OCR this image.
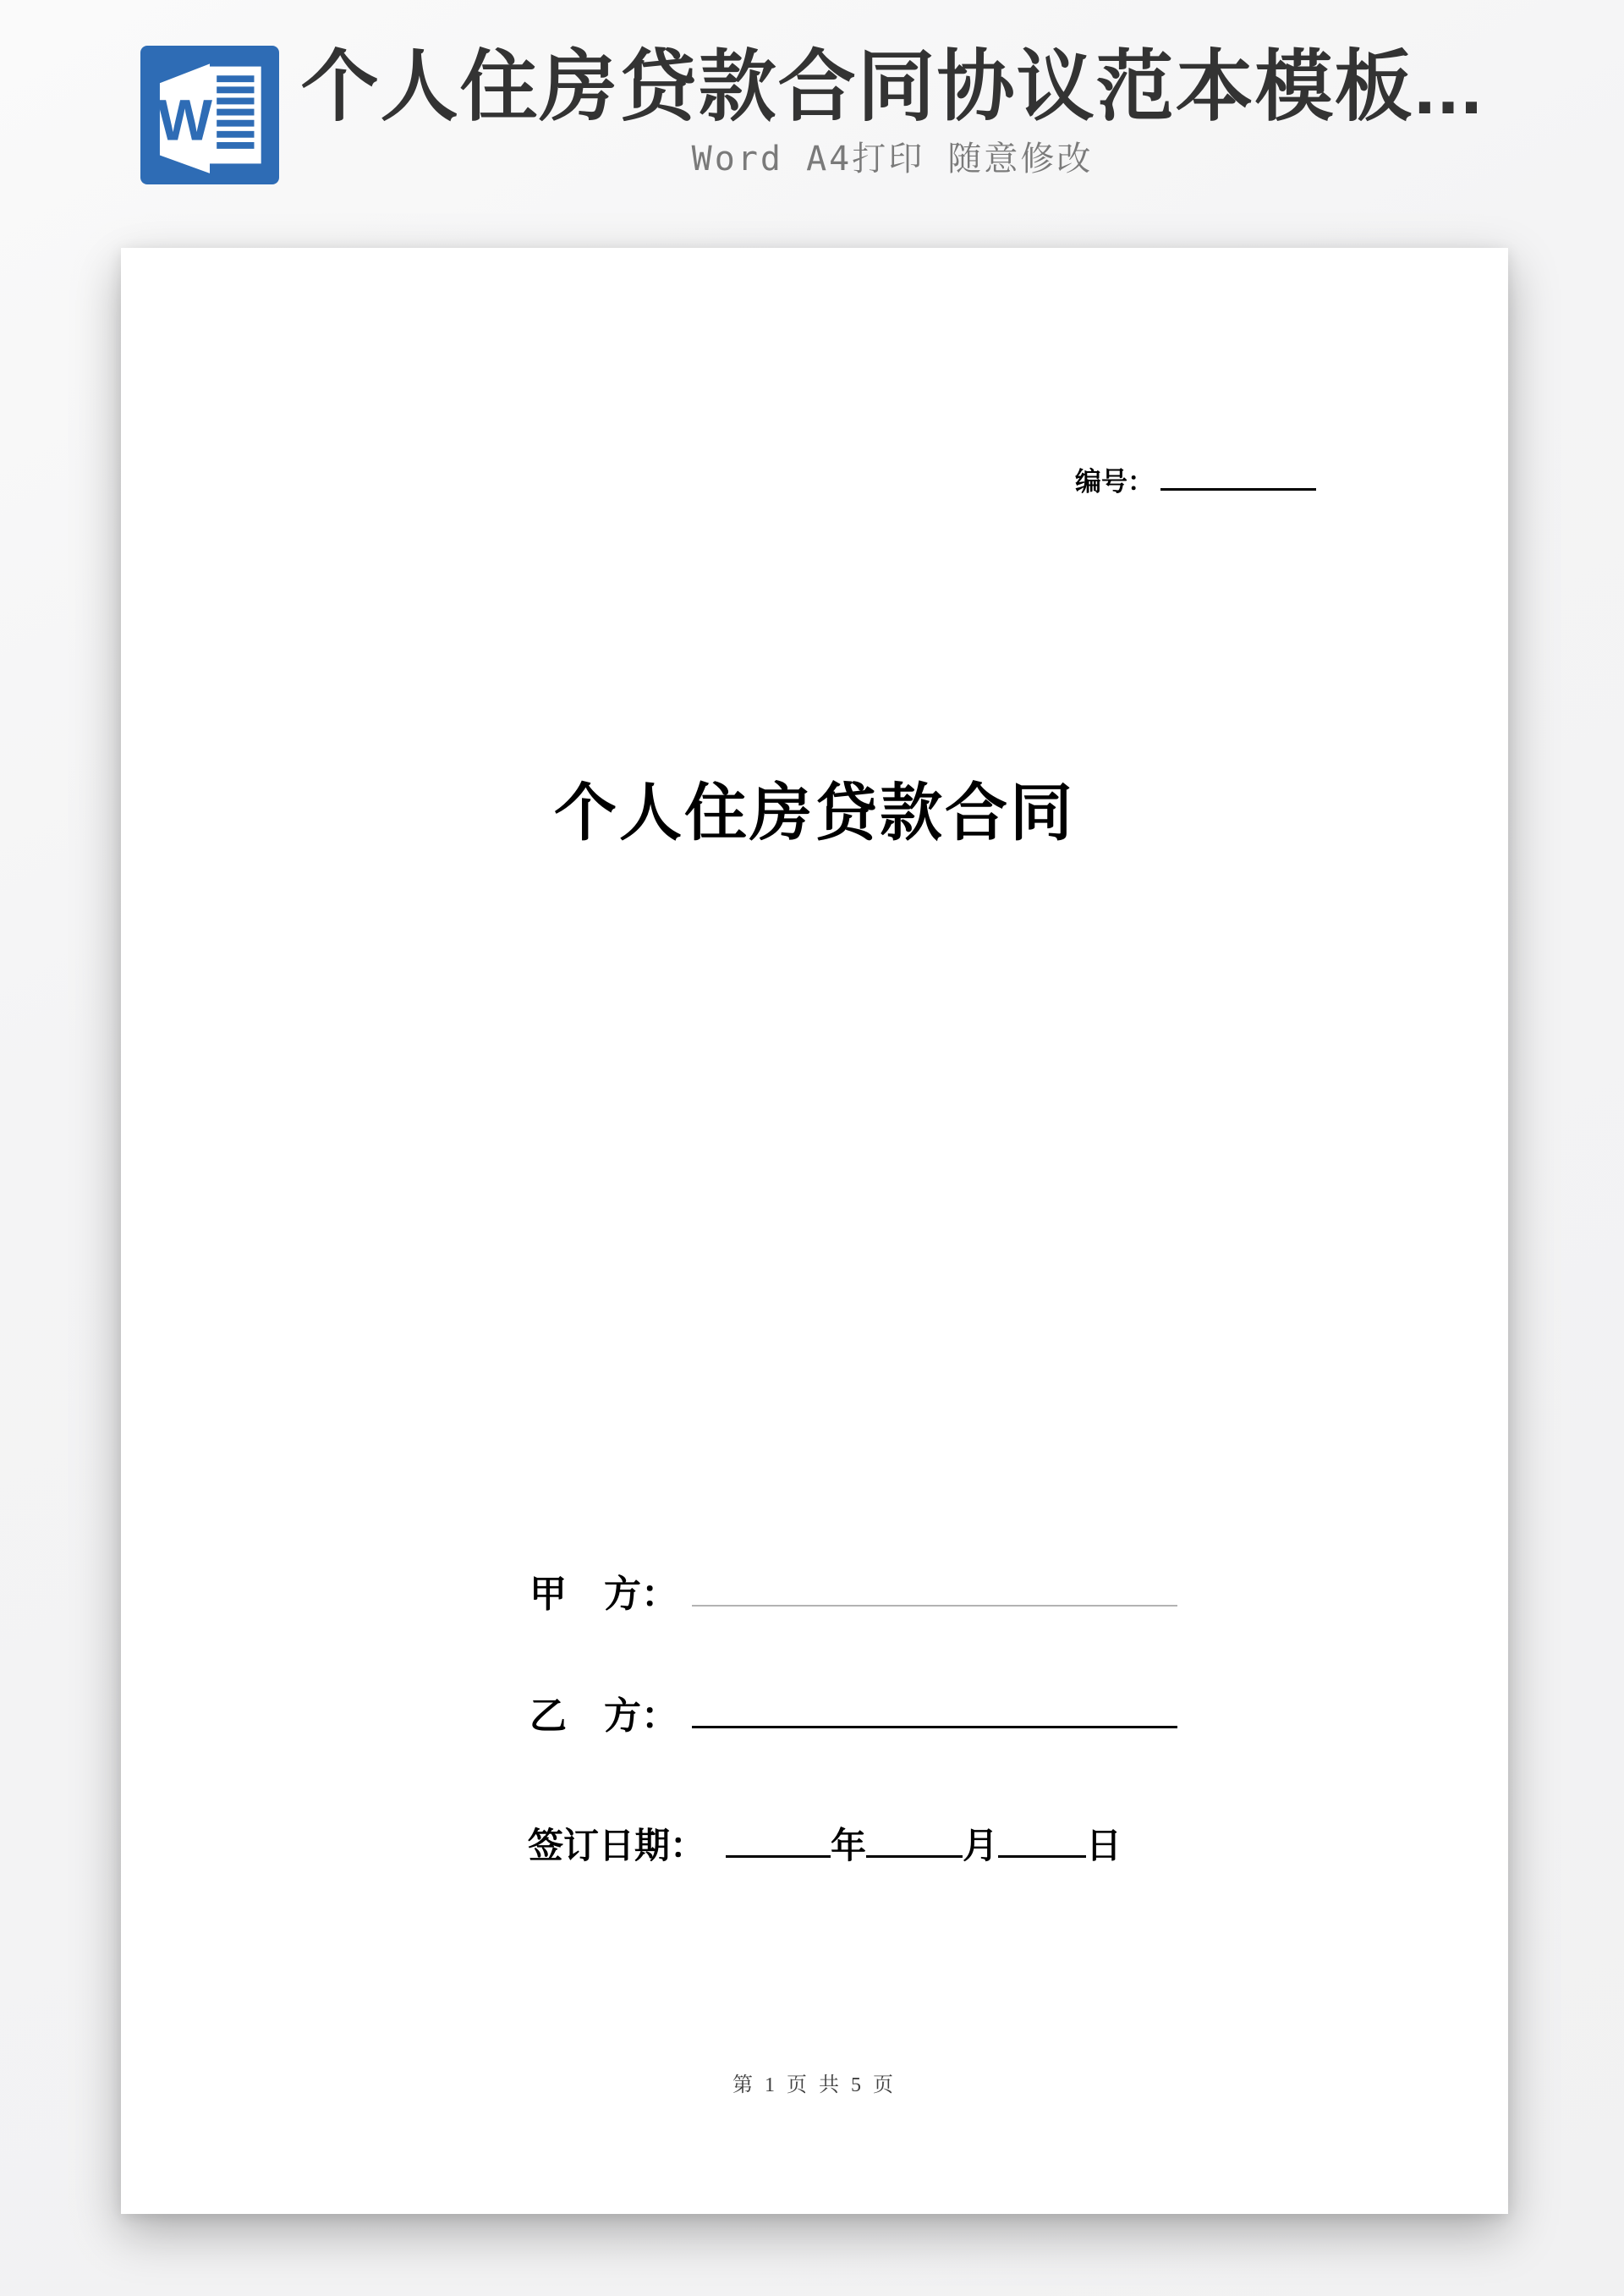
W 个人住房贷款合同协议范本模板...
Word A4打印 随意修改
编号：
个人住房贷款合同
甲　方：
乙　方：
签订日期：	年	月 日
第 1 页 共 5 页
